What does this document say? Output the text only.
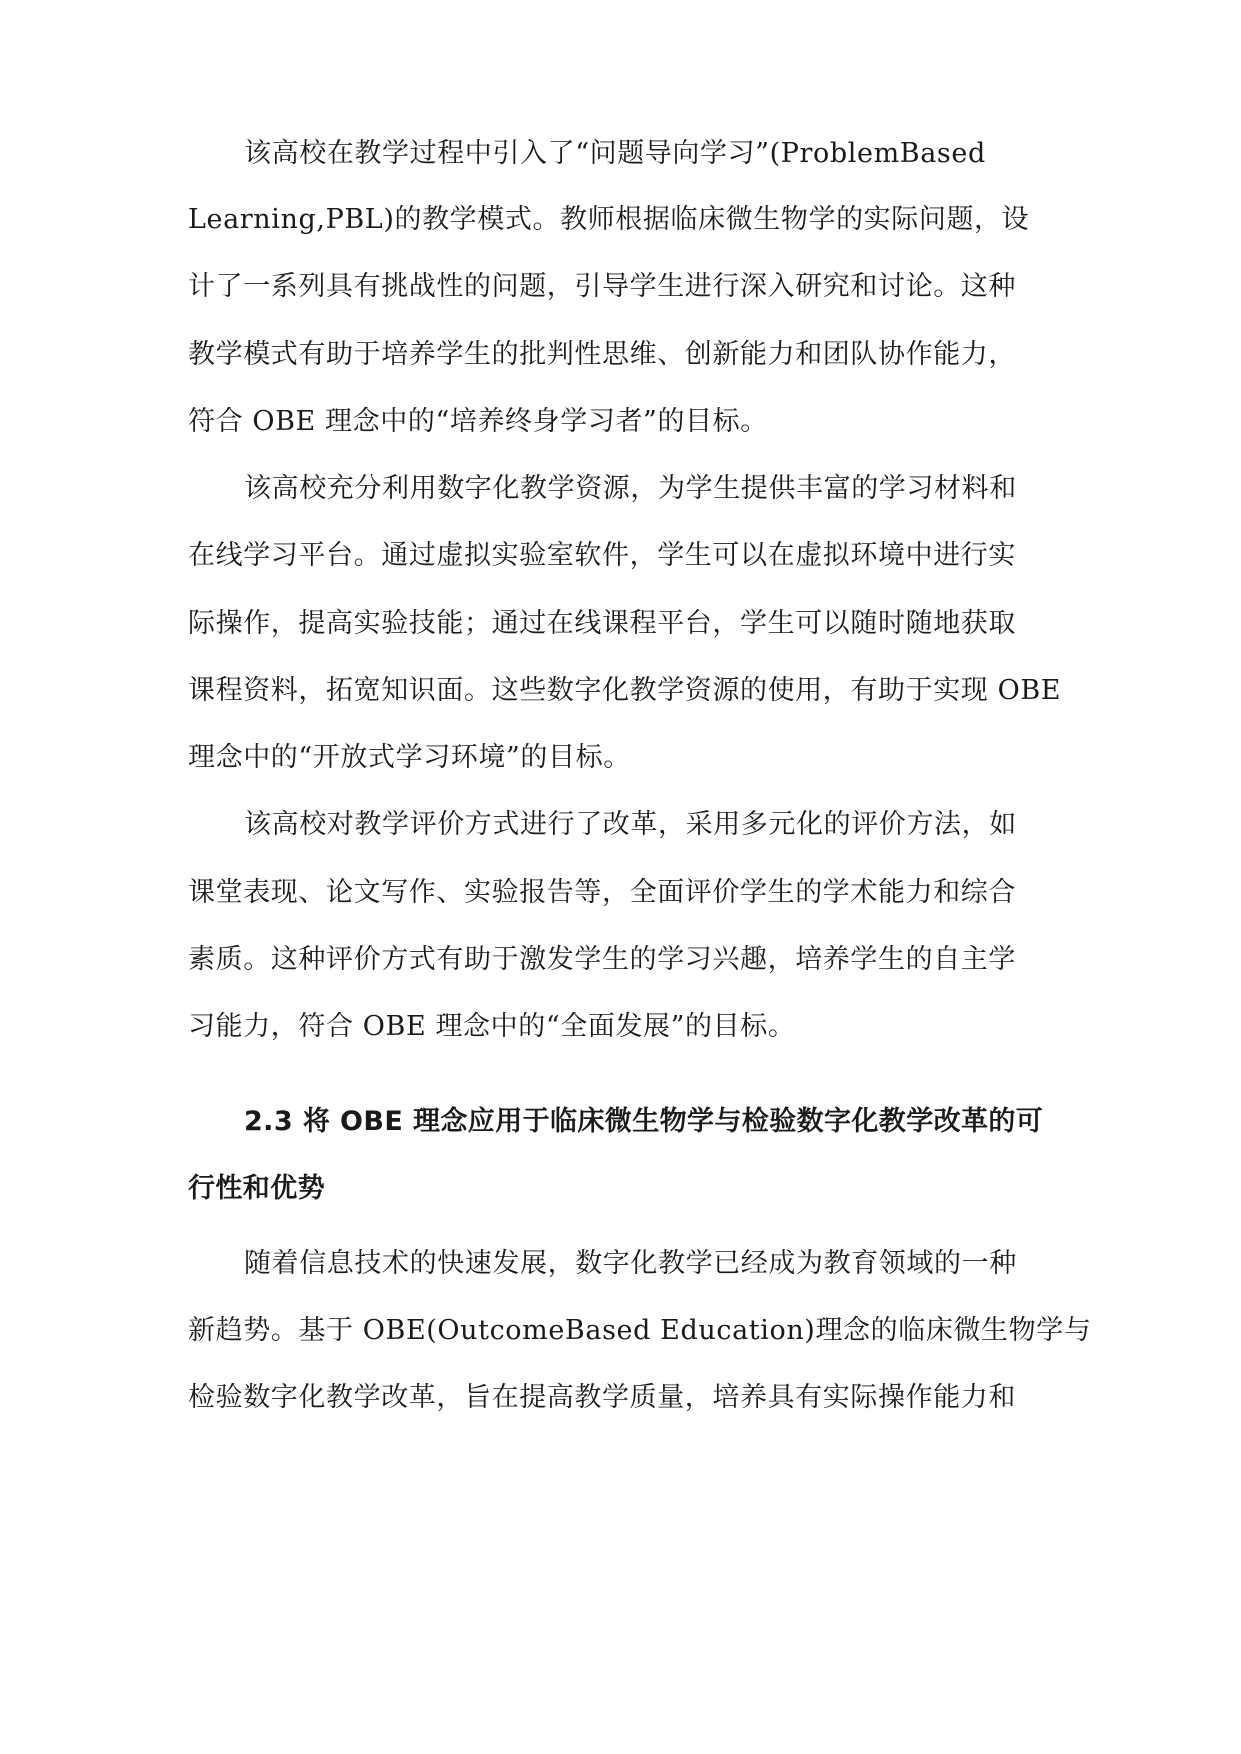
该高校在教学过程中引入了“问题导向学习”(ProblemBased
Learning,PBL)的教学模式。教师根据临床微生物学的实际问题，设
计了一系列具有挑战性的问题，引导学生进行深入研究和讨论。这种
教学模式有助于培养学生的批判性思维、创新能力和团队协作能力，
符合 OBE 理念中的“培养终身学习者”的目标。
该高校充分利用数字化教学资源，为学生提供丰富的学习材料和
在线学习平台。通过虚拟实验室软件，学生可以在虚拟环境中进行实
际操作，提高实验技能；通过在线课程平台，学生可以随时随地获取
课程资料，拓宽知识面。这些数字化教学资源的使用，有助于实现 OBE
理念中的“开放式学习环境”的目标。
该高校对教学评价方式进行了改革，采用多元化的评价方法，如
课堂表现、论文写作、实验报告等，全面评价学生的学术能力和综合
素质。这种评价方式有助于激发学生的学习兴趣，培养学生的自主学
习能力，符合 OBE 理念中的“全面发展”的目标。
2.3 将 OBE 理念应用于临床微生物学与检验数字化教学改革的可
行性和优势
随着信息技术的快速发展，数字化教学已经成为教育领域的一种
新趋势。基于 OBE(OutcomeBased Education)理念的临床微生物学与
检验数字化教学改革，旨在提高教学质量，培养具有实际操作能力和
